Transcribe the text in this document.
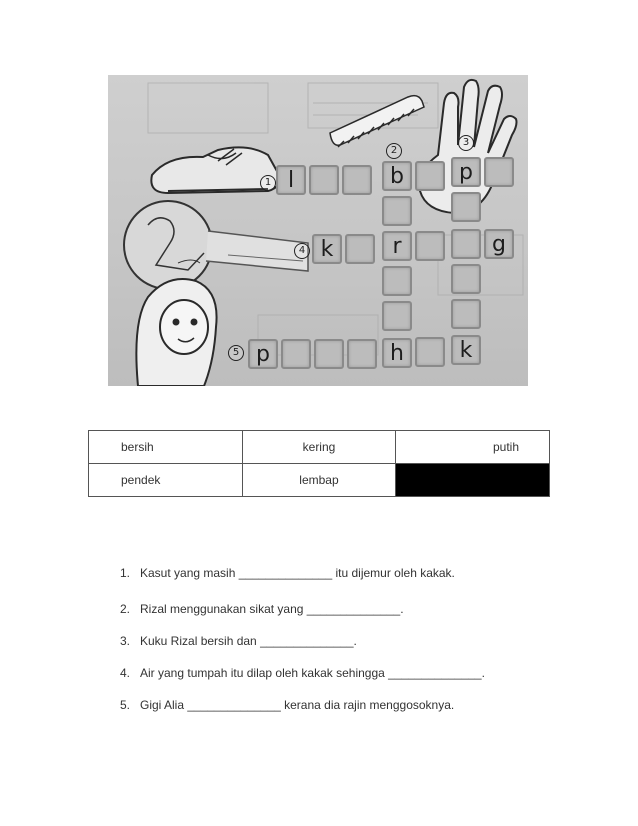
1
2
3
4
5
l	b	p
k	r	g
p	h	k
bersih	kering	putih
pendek	lembap	
1. Kasut yang masih ______________ itu dijemur oleh kakak.
2. Rizal menggunakan sikat yang ______________.
3. Kuku Rizal bersih dan ______________.
4. Air yang tumpah itu dilap oleh kakak sehingga ______________.
5. Gigi Alia ______________ kerana dia rajin menggosoknya.
